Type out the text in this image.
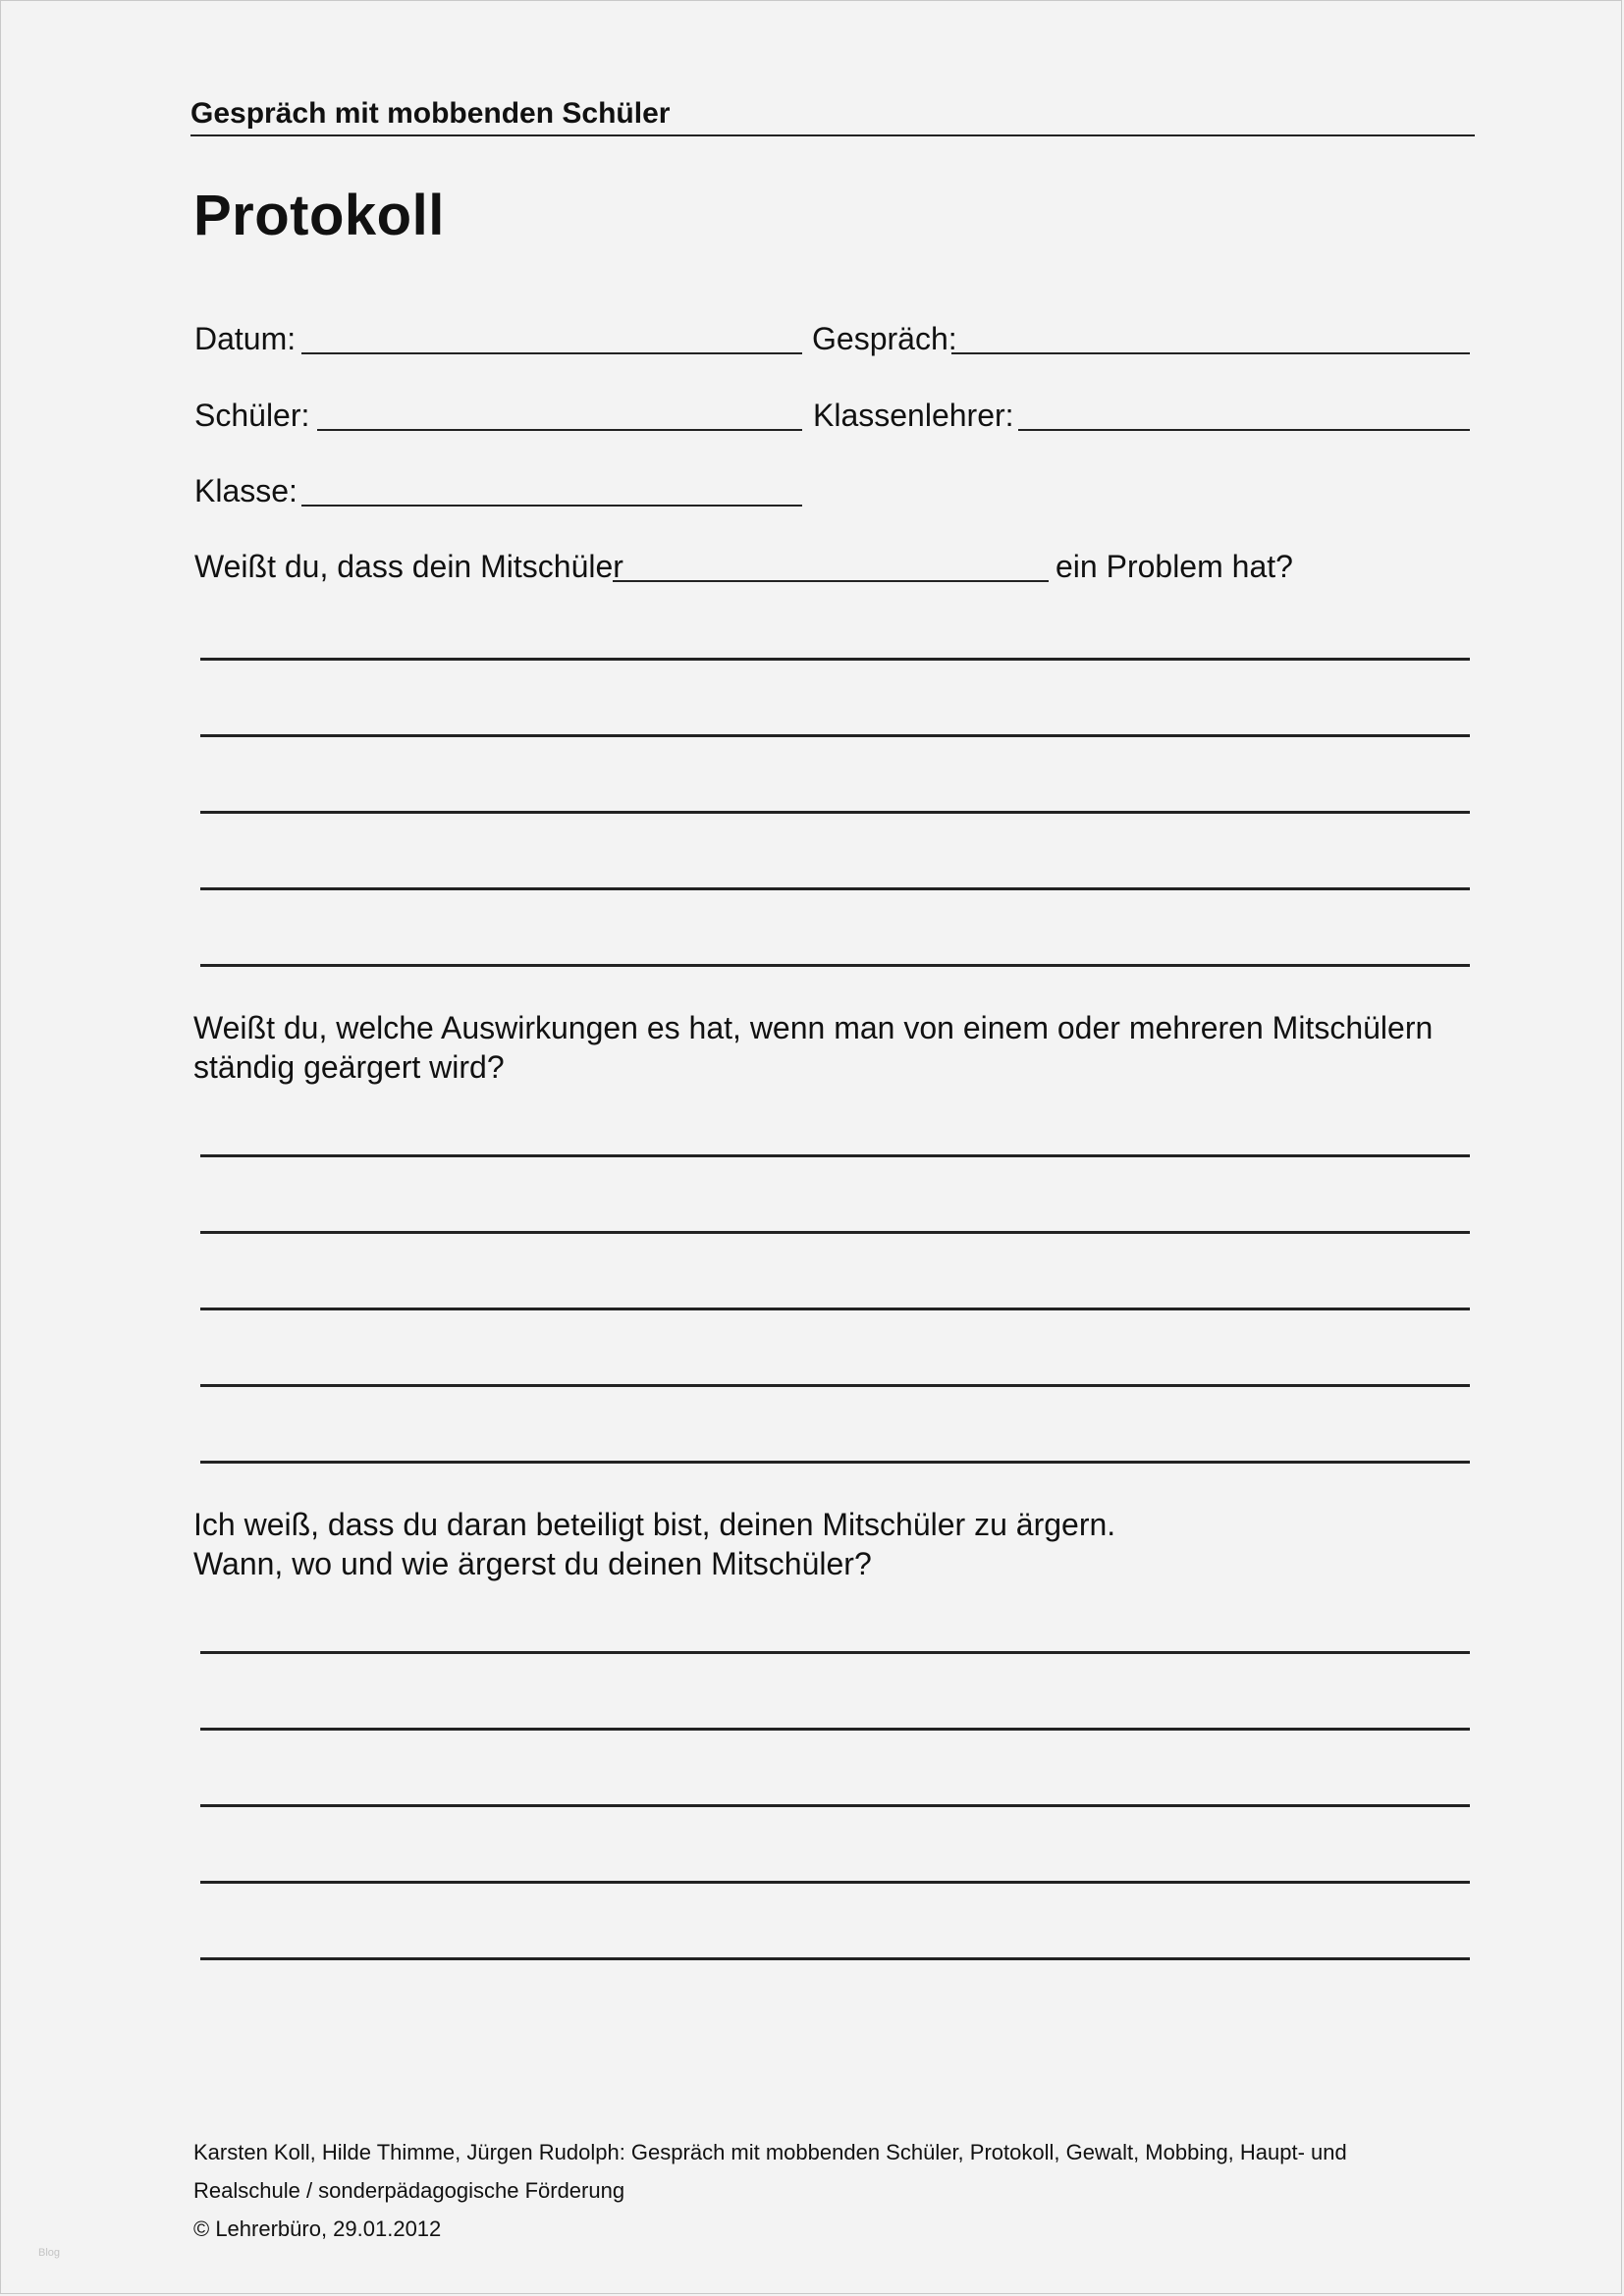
Gespräch mit mobbenden Schüler
Protokoll
Datum:	Gespräch:
Schüler:	Klassenlehrer:
Klasse:
Weißt du, dass dein Mitschüler	ein Problem hat?
Weißt du, welche Auswirkungen es hat, wenn man von einem oder mehreren Mitschülern
ständig geärgert wird?
Ich weiß, dass du daran beteiligt bist, deinen Mitschüler zu ärgern.
Wann, wo und wie ärgerst du deinen Mitschüler?
Karsten Koll, Hilde Thimme, Jürgen Rudolph: Gespräch mit mobbenden Schüler, Protokoll, Gewalt, Mobbing, Haupt- und
Realschule / sonderpädagogische Förderung
© Lehrerbüro, 29.01.2012
Blog
